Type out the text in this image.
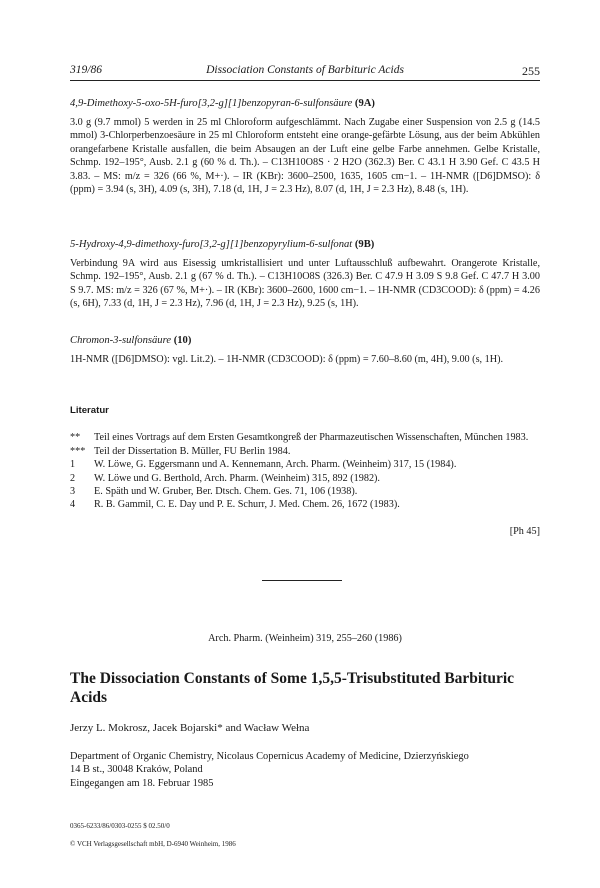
319/86	Dissociation Constants of Barbituric Acids	255

4,9-Dimethoxy-5-oxo-5H-furo[3,2-g][1]benzopyran-6-sulfonsäure (9A)

3.0 g (9.7 mmol) 5 werden in 25 ml Chloroform aufgeschlämmt. Nach Zugabe einer Suspension von 2.5 g (14.5 mmol) 3-Chlorperbenzoesäure in 25 ml Chloroform entsteht eine orange-gefärbte Lösung, aus der beim Abkühlen orangefarbene Kristalle ausfallen, die beim Absaugen an der Luft eine gelbe Farbe annehmen. Gelbe Kristalle, Schmp. 192–195°, Ausb. 2.1 g (60 % d. Th.). – C13H10O8S · 2 H2O (362.3) Ber. C 43.1 H 3.90 Gef. C 43.5 H 3.83. – MS: m/z = 326 (66 %, M+·). – IR (KBr): 3600–2500, 1635, 1605 cm−1. – 1H-NMR ([D6]DMSO): δ (ppm) = 3.94 (s, 3H), 4.09 (s, 3H), 7.18 (d, 1H, J = 2.3 Hz), 8.07 (d, 1H, J = 2.3 Hz), 8.48 (s, 1H).

5-Hydroxy-4,9-dimethoxy-furo[3,2-g][1]benzopyrylium-6-sulfonat (9B)

Verbindung 9A wird aus Eisessig umkristallisiert und unter Luftausschluß aufbewahrt. Orangerote Kristalle, Schmp. 192–195°, Ausb. 2.1 g (67 % d. Th.). – C13H10O8S (326.3) Ber. C 47.9 H 3.09 S 9.8 Gef. C 47.7 H 3.00 S 9.7. MS: m/z = 326 (67 %, M+·). – IR (KBr): 3600–2600, 1600 cm−1. – 1H-NMR (CD3COOD): δ (ppm) = 4.26 (s, 6H), 7.33 (d, 1H, J = 2.3 Hz), 7.96 (d, 1H, J = 2.3 Hz), 9.25 (s, 1H).

Chromon-3-sulfonsäure (10)

1H-NMR ([D6]DMSO): vgl. Lit.2). – 1H-NMR (CD3COOD): δ (ppm) = 7.60–8.60 (m, 4H), 9.00 (s, 1H).

Literatur

** Teil eines Vortrags auf dem Ersten Gesamtkongreß der Pharmazeutischen Wissenschaften, München 1983.
*** Teil der Dissertation B. Müller, FU Berlin 1984.
1 W. Löwe, G. Eggersmann und A. Kennemann, Arch. Pharm. (Weinheim) 317, 15 (1984).
2 W. Löwe und G. Berthold, Arch. Pharm. (Weinheim) 315, 892 (1982).
3 E. Späth und W. Gruber, Ber. Dtsch. Chem. Ges. 71, 106 (1938).
4 R. B. Gammil, C. E. Day und P. E. Schurr, J. Med. Chem. 26, 1672 (1983).

[Ph 45]

Arch. Pharm. (Weinheim) 319, 255–260 (1986)
The Dissociation Constants of Some 1,5,5-Trisubstituted Barbituric Acids
Jerzy L. Mokrosz, Jacek Bojarski* and Wacław Wełna
Department of Organic Chemistry, Nicolaus Copernicus Academy of Medicine, Dzierzyńskiego
14 B st., 30048 Kraków, Poland
Eingegangen am 18. Februar 1985
0365-6233/86/0303-0255 $ 02.50/0
© VCH Verlagsgesellschaft mbH, D-6940 Weinheim, 1986
